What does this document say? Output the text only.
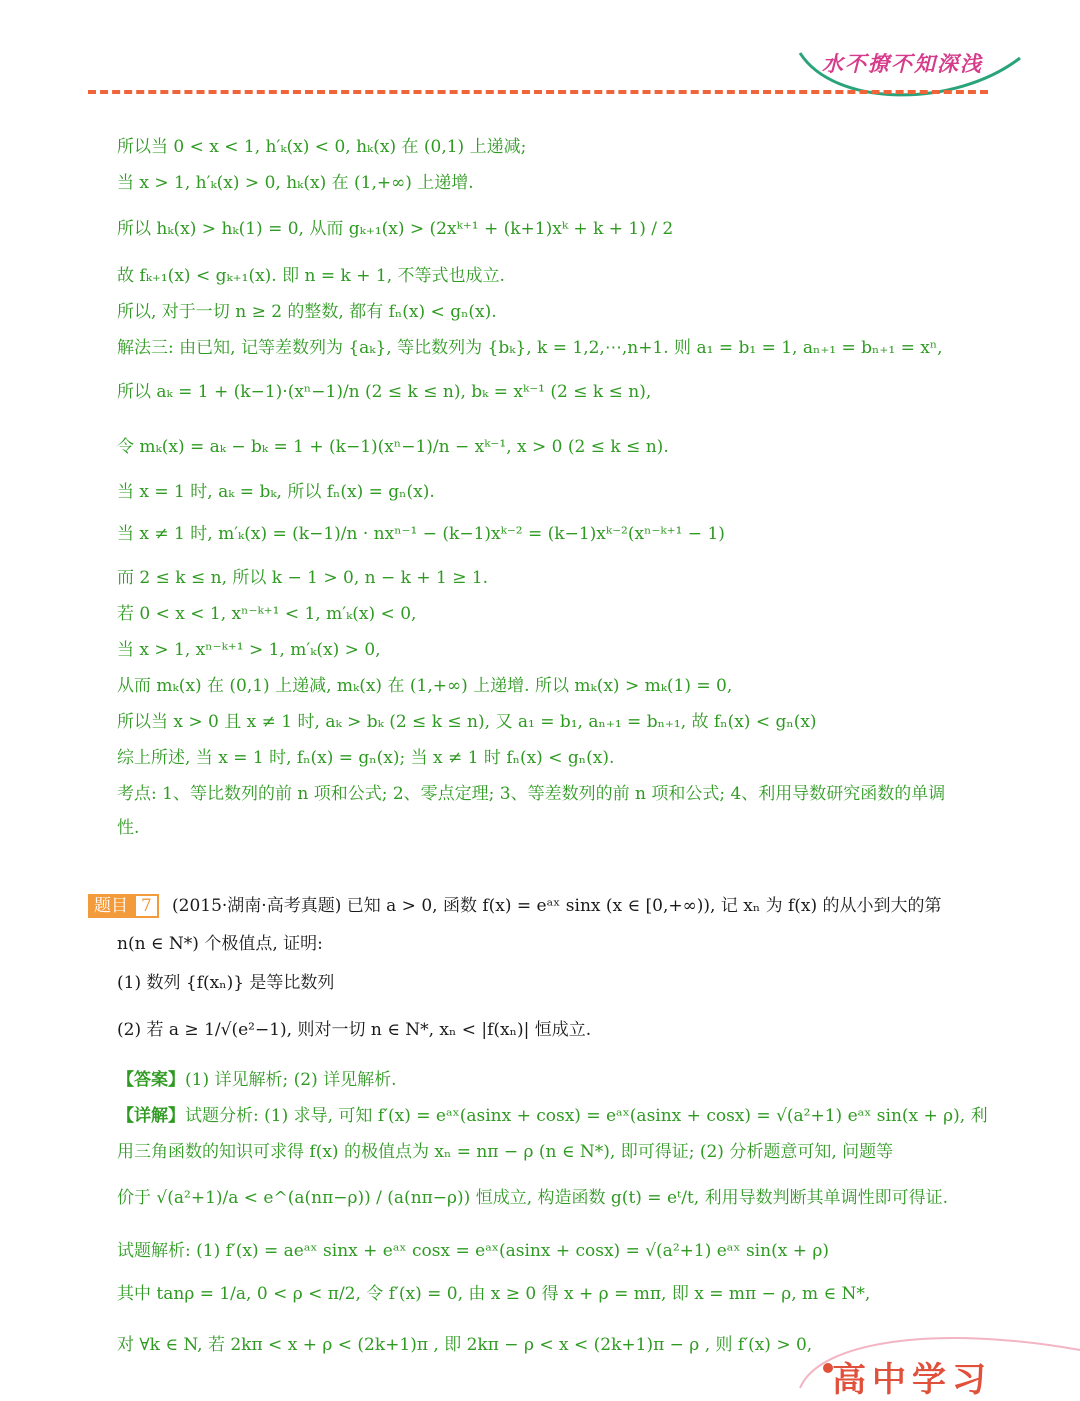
水不撩不知深浅
所以当 0 < x < 1, h′ₖ(x) < 0, hₖ(x) 在 (0,1) 上递减;
当 x > 1, h′ₖ(x) > 0, hₖ(x) 在 (1,+∞) 上递增.
所以 hₖ(x) > hₖ(1) = 0, 从而 gₖ₊₁(x) > (2xᵏ⁺¹ + (k+1)xᵏ + k + 1) / 2
故 fₖ₊₁(x) < gₖ₊₁(x). 即 n = k + 1, 不等式也成立.
所以, 对于一切 n ≥ 2 的整数, 都有 fₙ(x) < gₙ(x).
解法三: 由已知, 记等差数列为 {aₖ}, 等比数列为 {bₖ}, k = 1,2,⋯,n+1. 则 a₁ = b₁ = 1, aₙ₊₁ = bₙ₊₁ = xⁿ,
所以 aₖ = 1 + (k−1)·(xⁿ−1)/n (2 ≤ k ≤ n), bₖ = xᵏ⁻¹ (2 ≤ k ≤ n),
令 mₖ(x) = aₖ − bₖ = 1 + (k−1)(xⁿ−1)/n − xᵏ⁻¹, x > 0 (2 ≤ k ≤ n).
当 x = 1 时, aₖ = bₖ, 所以 fₙ(x) = gₙ(x).
当 x ≠ 1 时, m′ₖ(x) = (k−1)/n · nxⁿ⁻¹ − (k−1)xᵏ⁻² = (k−1)xᵏ⁻²(xⁿ⁻ᵏ⁺¹ − 1)
而 2 ≤ k ≤ n, 所以 k − 1 > 0, n − k + 1 ≥ 1.
若 0 < x < 1, xⁿ⁻ᵏ⁺¹ < 1, m′ₖ(x) < 0,
当 x > 1, xⁿ⁻ᵏ⁺¹ > 1, m′ₖ(x) > 0,
从而 mₖ(x) 在 (0,1) 上递减, mₖ(x) 在 (1,+∞) 上递增. 所以 mₖ(x) > mₖ(1) = 0,
所以当 x > 0 且 x ≠ 1 时, aₖ > bₖ (2 ≤ k ≤ n), 又 a₁ = b₁, aₙ₊₁ = bₙ₊₁, 故 fₙ(x) < gₙ(x)
综上所述, 当 x = 1 时, fₙ(x) = gₙ(x); 当 x ≠ 1 时 fₙ(x) < gₙ(x).
考点: 1、等比数列的前 n 项和公式; 2、零点定理; 3、等差数列的前 n 项和公式; 4、利用导数研究函数的单调
性.
题目 7	(2015·湖南·高考真题) 已知 a > 0, 函数 f(x) = eᵃˣ sinx (x ∈ [0,+∞)), 记 xₙ 为 f(x) 的从小到大的第
n(n ∈ N*) 个极值点, 证明:
(1) 数列 {f(xₙ)} 是等比数列
(2) 若 a ≥ 1/√(e²−1), 则对一切 n ∈ N*, xₙ < |f(xₙ)| 恒成立.
【答案】(1) 详见解析; (2) 详见解析.
【详解】试题分析: (1) 求导, 可知 f′(x) = eᵃˣ(asinx + cosx) = eᵃˣ(asinx + cosx) = √(a²+1) eᵃˣ sin(x + ρ), 利
用三角函数的知识可求得 f(x) 的极值点为 xₙ = nπ − ρ (n ∈ N*), 即可得证; (2) 分析题意可知, 问题等
价于 √(a²+1)/a < e^(a(nπ−ρ)) / (a(nπ−ρ)) 恒成立, 构造函数 g(t) = eᵗ/t, 利用导数判断其单调性即可得证.
试题解析: (1) f′(x) = aeᵃˣ sinx + eᵃˣ cosx = eᵃˣ(asinx + cosx) = √(a²+1) eᵃˣ sin(x + ρ)
其中 tanρ = 1/a, 0 < ρ < π/2, 令 f′(x) = 0, 由 x ≥ 0 得 x + ρ = mπ, 即 x = mπ − ρ, m ∈ N*,
对 ∀k ∈ N, 若 2kπ < x + ρ < (2k+1)π , 即 2kπ − ρ < x < (2k+1)π − ρ , 则 f′(x) > 0,
高中学习
